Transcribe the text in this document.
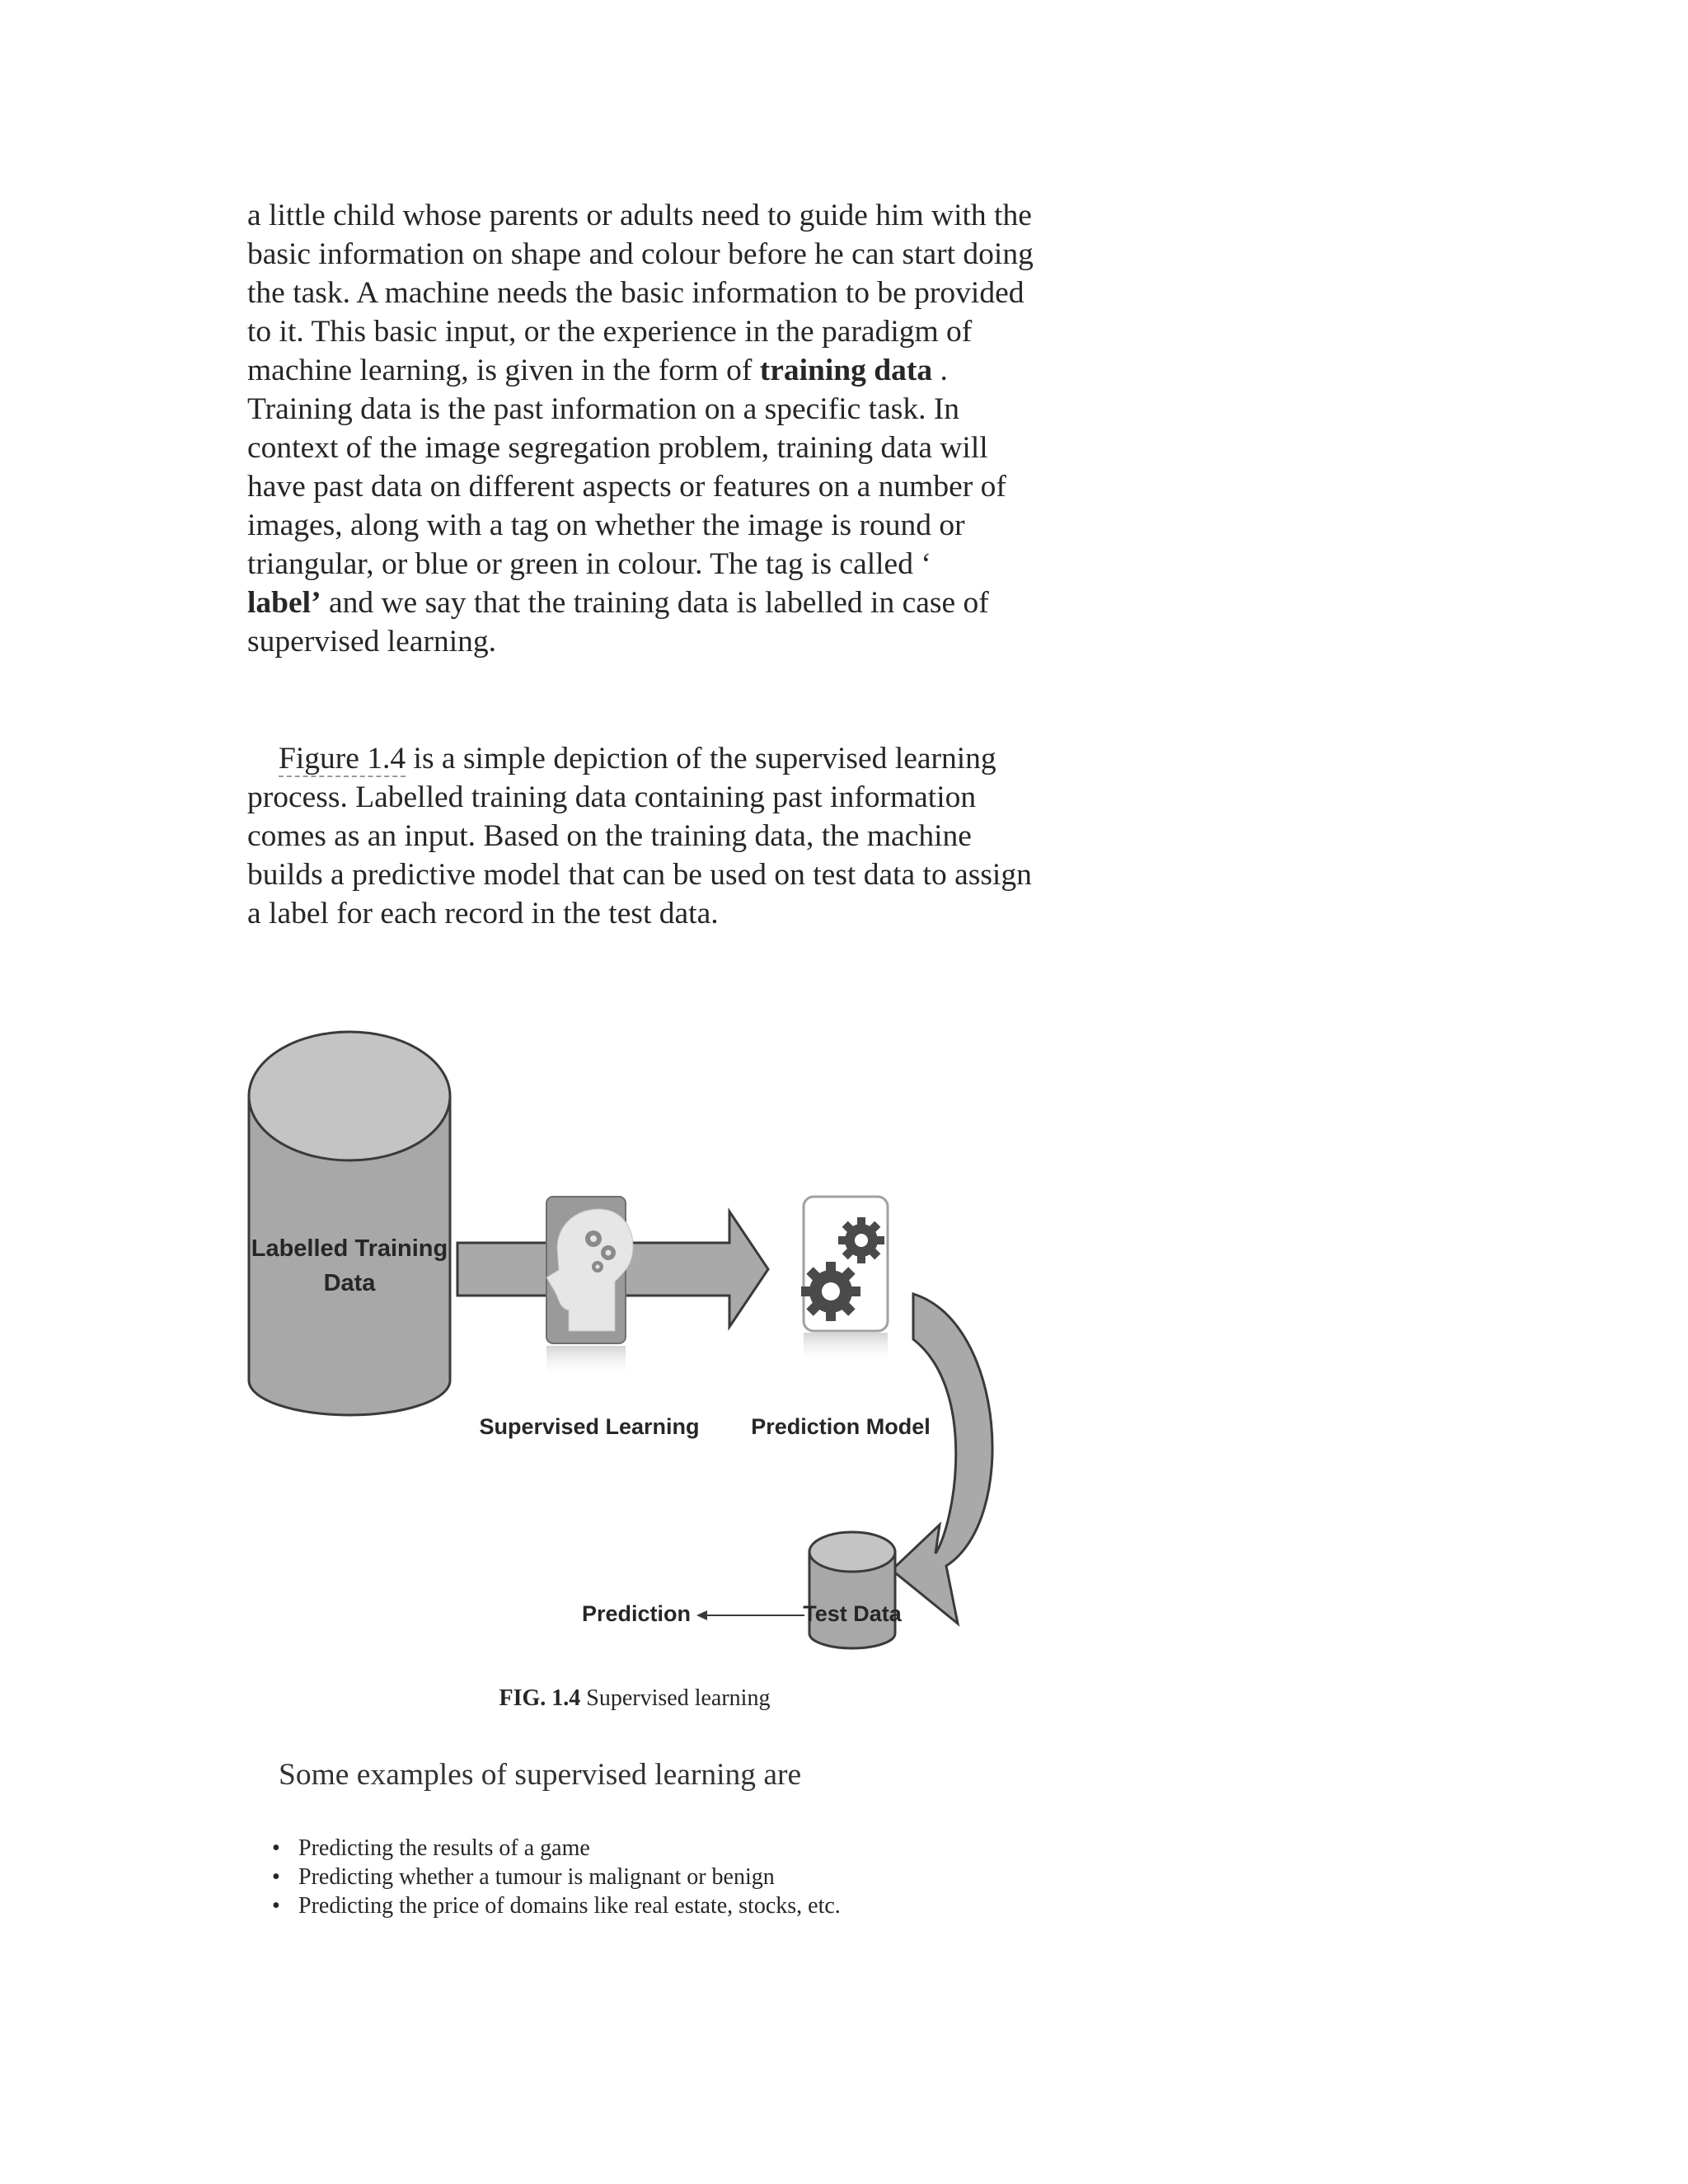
a little child whose parents or adults need to guide him with the basic information on shape and colour before he can start doing the task. A machine needs the basic information to be provided to it. This basic input, or the experience in the paradigm of machine learning, is given in the form of training data . Training data is the past information on a specific task. In context of the image segregation problem, training data will have past data on different aspects or features on a number of images, along with a tag on whether the image is round or triangular, or blue or green in colour. The tag is called ‘
label’ and we say that the training data is labelled in case of supervised learning.

Figure 1.4 is a simple depiction of the supervised learning process. Labelled training data containing past information comes as an input. Based on the training data, the machine builds a predictive model that can be used on test data to assign a label for each record in the test data.

Labelled Training
Data
Supervised Learning Prediction Model
Test Data
Prediction

FIG. 1.4 Supervised learning

Some examples of supervised learning are

• Predicting the results of a game
• Predicting whether a tumour is malignant or benign
• Predicting the price of domains like real estate, stocks, etc.
